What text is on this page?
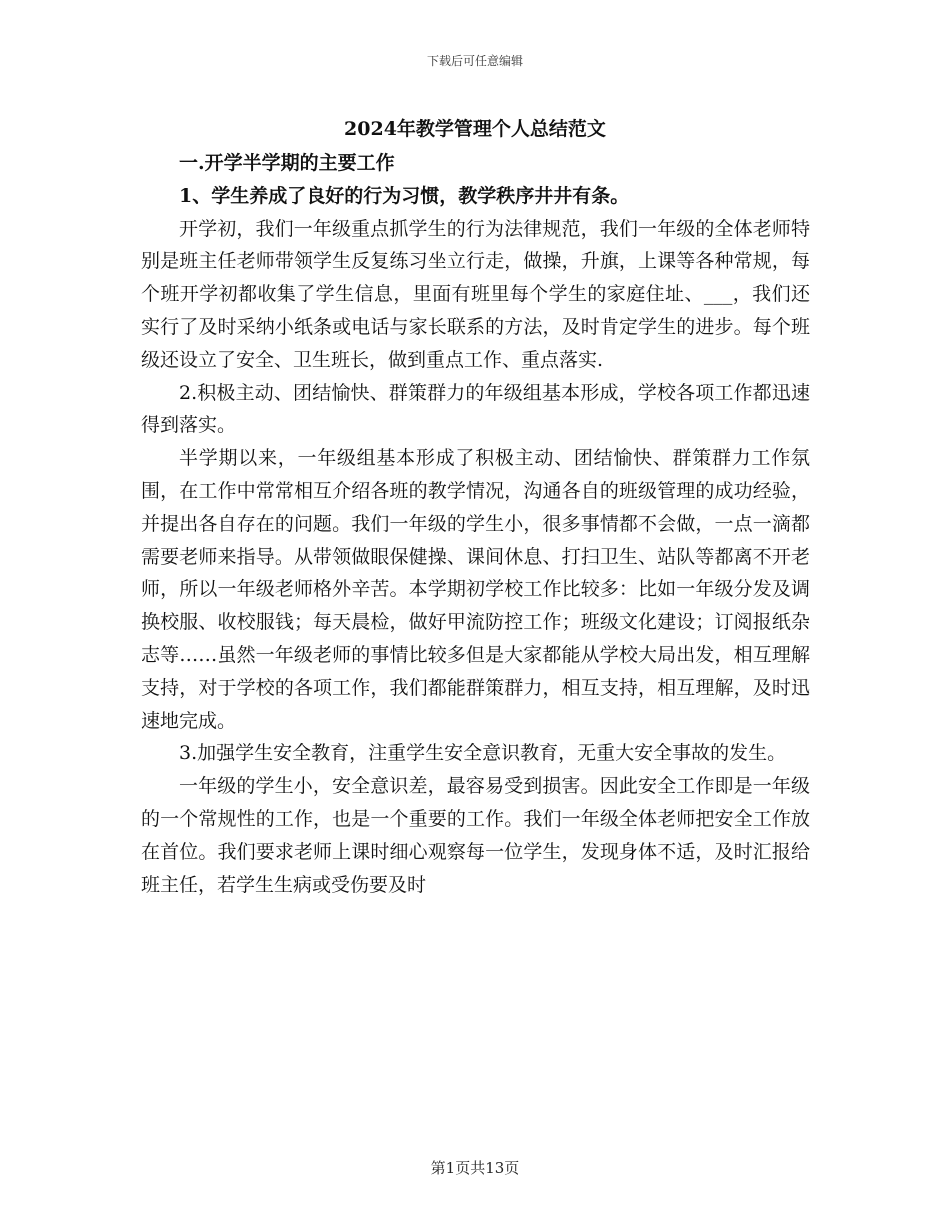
下载后可任意编辑
2024年教学管理个人总结范文

一.开学半学期的主要工作

1、学生养成了良好的行为习惯，教学秩序井井有条。

开学初，我们一年级重点抓学生的行为法律规范，我们一年级的全体老师特别是班主任老师带领学生反复练习坐立行走，做操，升旗，上课等各种常规，每个班开学初都收集了学生信息，里面有班里每个学生的家庭住址、___，我们还实行了及时采纳小纸条或电话与家长联系的方法，及时肯定学生的进步。每个班级还设立了安全、卫生班长，做到重点工作、重点落实.

2.积极主动、团结愉快、群策群力的年级组基本形成，学校各项工作都迅速得到落实。

半学期以来，一年级组基本形成了积极主动、团结愉快、群策群力工作氛围，在工作中常常相互介绍各班的教学情况，沟通各自的班级管理的成功经验，并提出各自存在的问题。我们一年级的学生小，很多事情都不会做，一点一滴都需要老师来指导。从带领做眼保健操、课间休息、打扫卫生、站队等都离不开老师，所以一年级老师格外辛苦。本学期初学校工作比较多：比如一年级分发及调换校服、收校服钱；每天晨检，做好甲流防控工作；班级文化建设；订阅报纸杂志等……虽然一年级老师的事情比较多但是大家都能从学校大局出发，相互理解支持，对于学校的各项工作，我们都能群策群力，相互支持，相互理解，及时迅速地完成。

3.加强学生安全教育，注重学生安全意识教育，无重大安全事故的发生。

一年级的学生小，安全意识差，最容易受到损害。因此安全工作即是一年级的一个常规性的工作，也是一个重要的工作。我们一年级全体老师把安全工作放在首位。我们要求老师上课时细心观察每一位学生，发现身体不适，及时汇报给班主任，若学生生病或受伤要及时

第1页共13页
